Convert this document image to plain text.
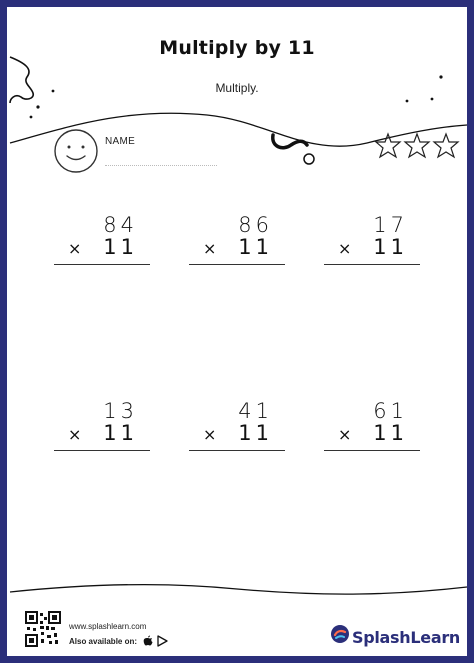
Multiply by 11
Multiply.
NAME
84
× 11
86
× 11
17
× 11
13
× 11
41
× 11
61
× 11
www.splashlearn.com
Also available on:	SplashLearn
